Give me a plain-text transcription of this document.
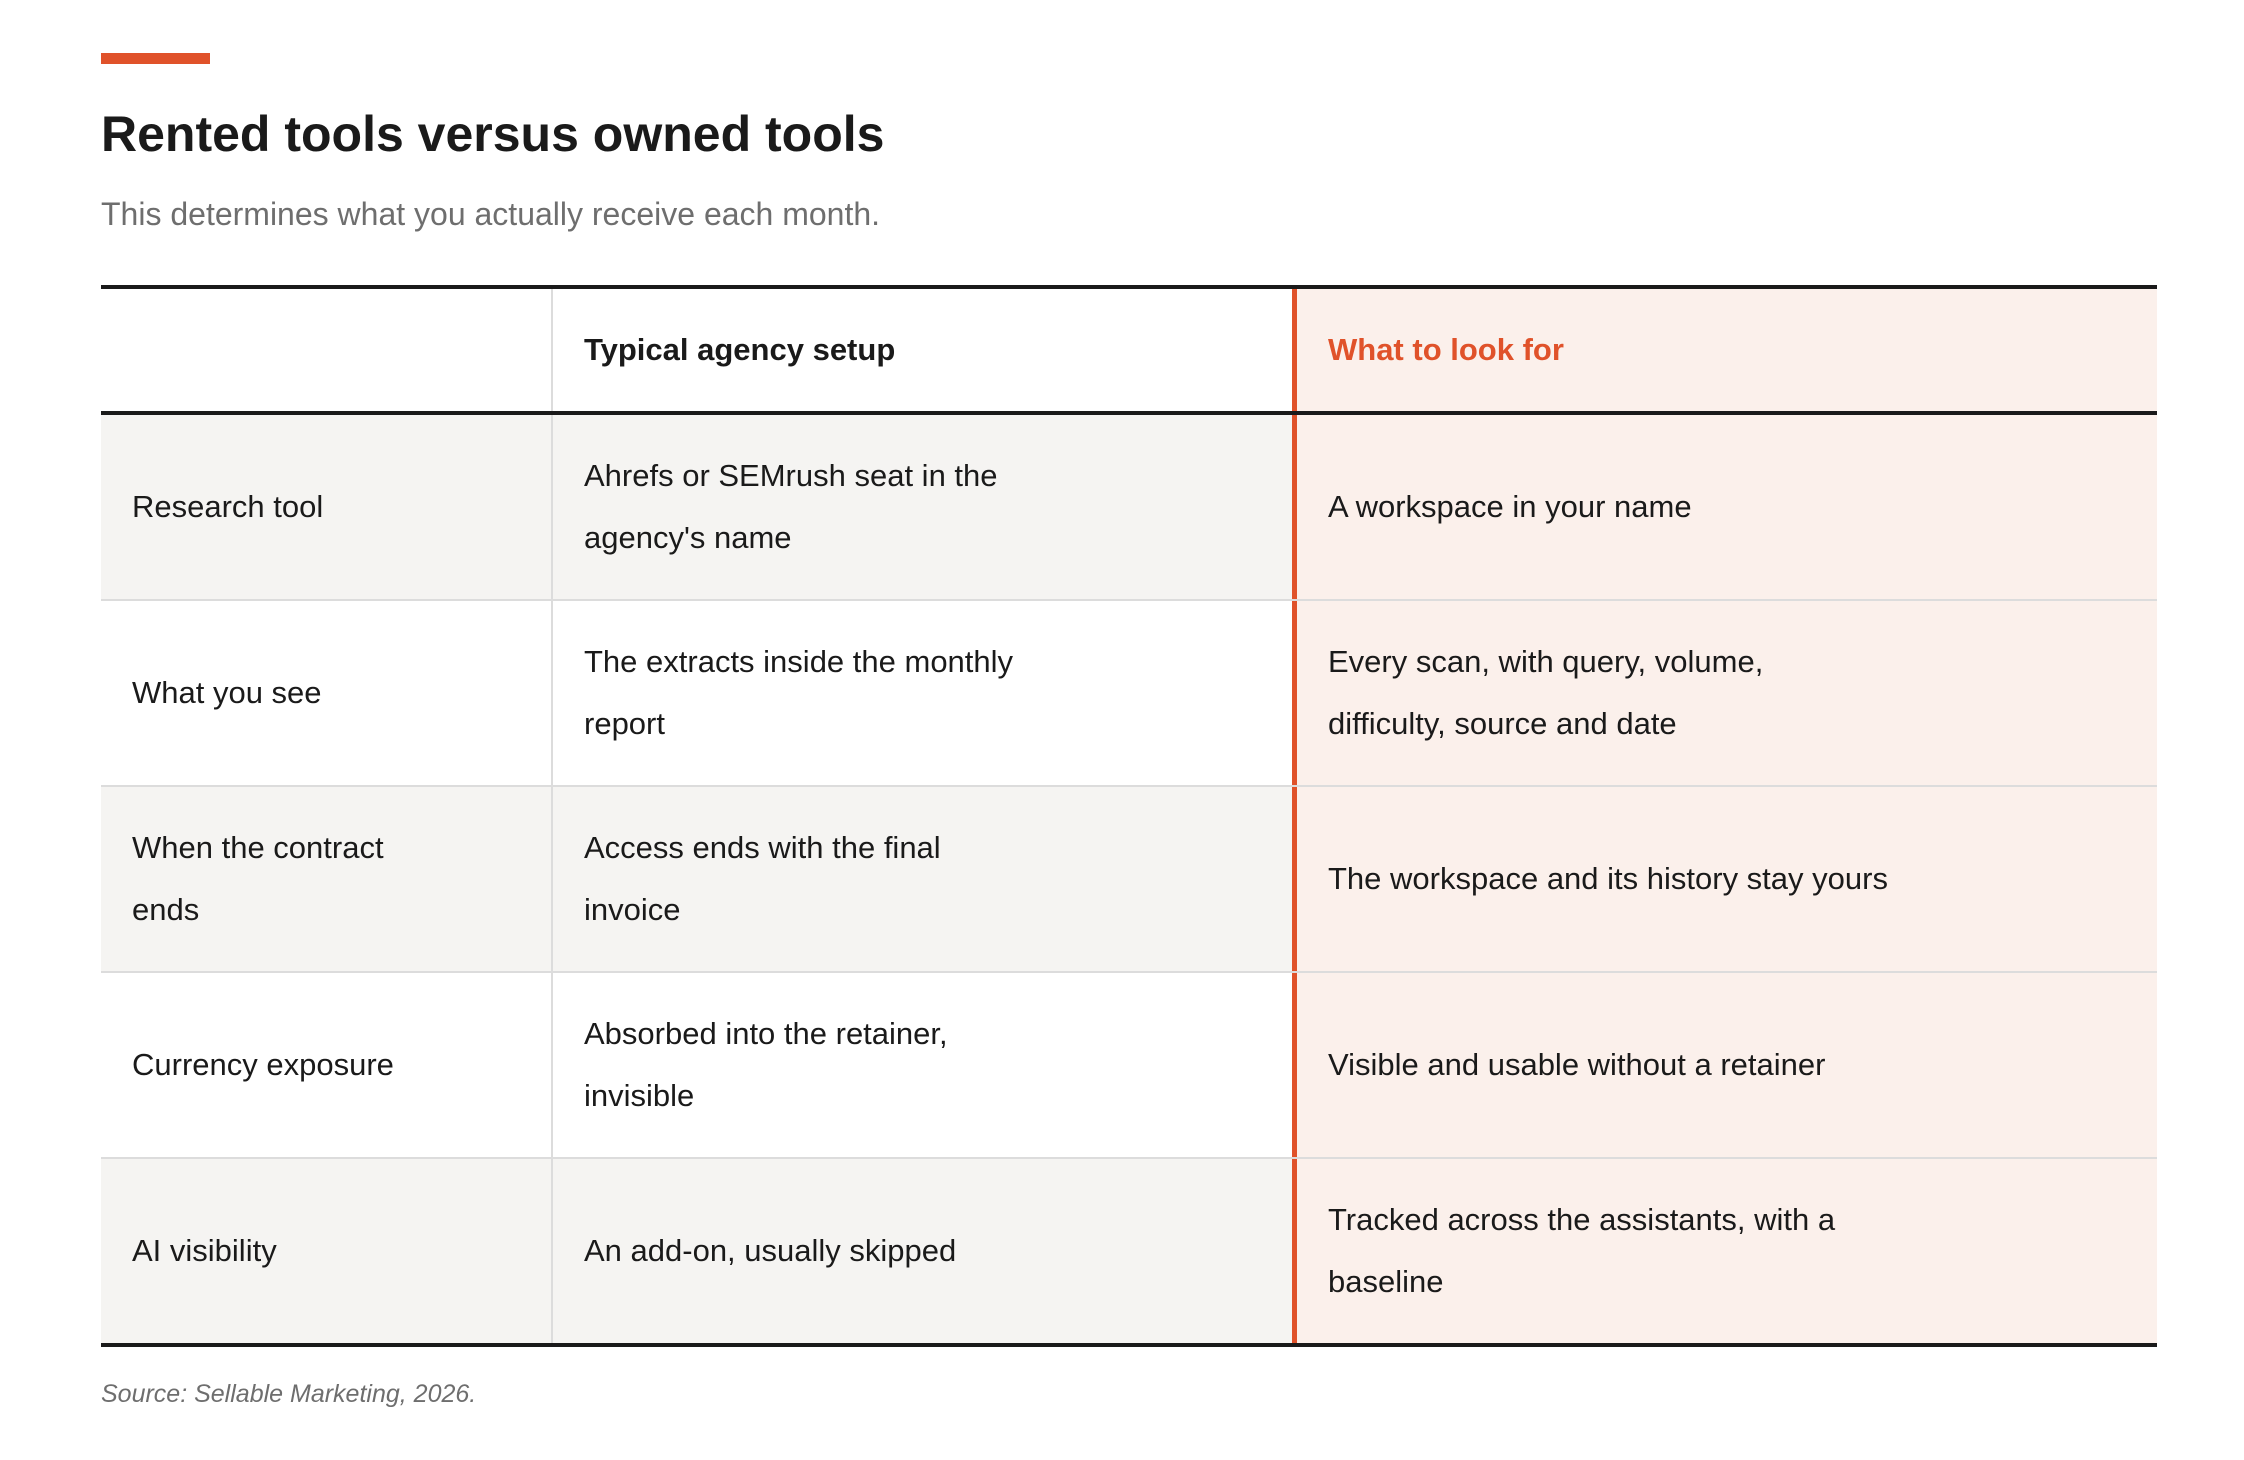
Rented tools versus owned tools

This determines what you actually receive each month.

Typical agency setup	What to look for
Research tool
Ahrefs or SEMrush seat in the agency's name
A workspace in your name
What you see
The extracts inside the monthly report
Every scan, with query, volume, difficulty, source and date
When the contract ends
Access ends with the final invoice
The workspace and its history stay yours
Currency exposure
Absorbed into the retainer, invisible
Visible and usable without a retainer
AI visibility	An add-on, usually skipped
Tracked across the assistants, with a baseline

Source: Sellable Marketing, 2026.
